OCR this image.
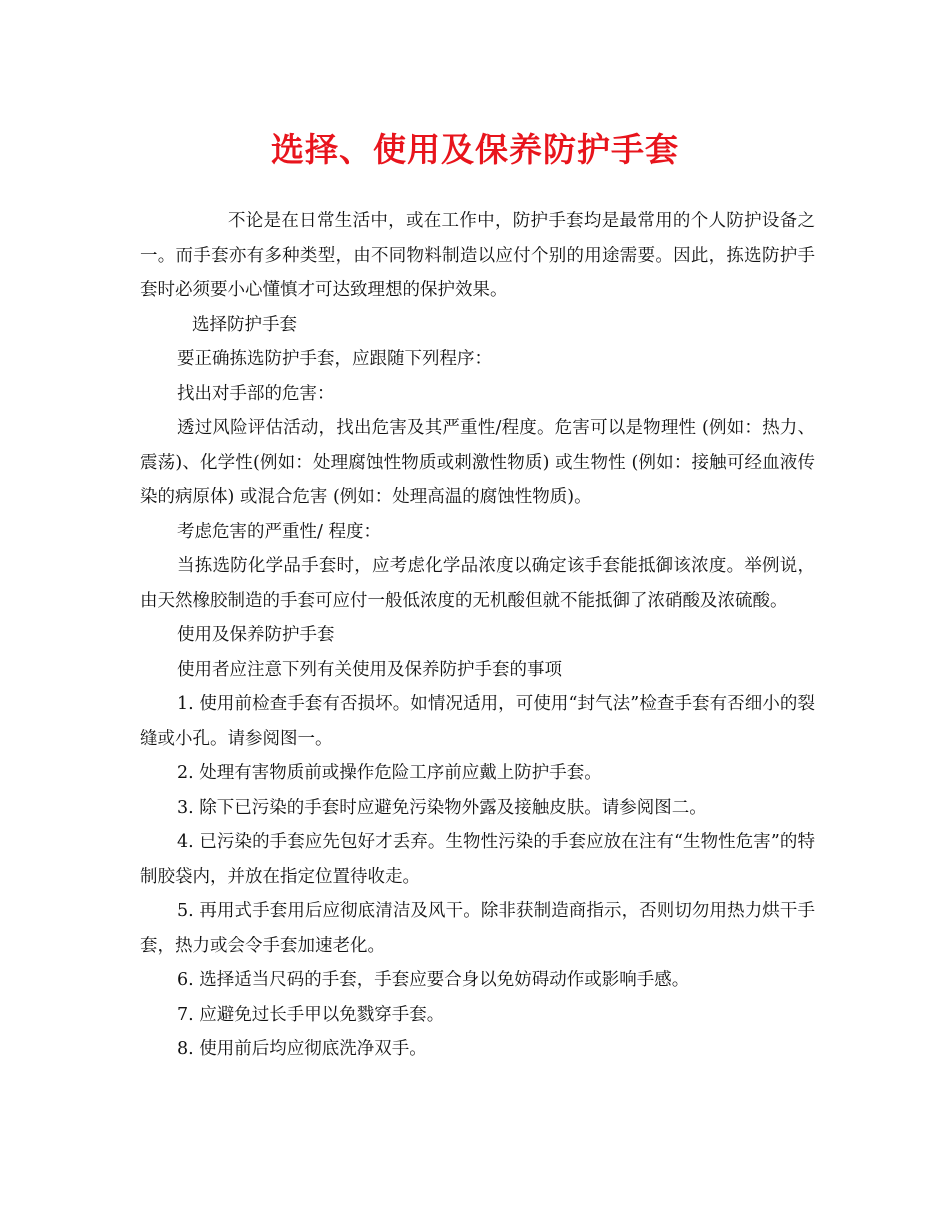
选择、使用及保养防护手套

不论是在日常生活中，或在工作中，防护手套均是最常用的个人防护设备之一。而手套亦有多种类型，由不同物料制造以应付个别的用途需要。因此，拣选防护手套时必须要小心懂慎才可达致理想的保护效果。

选择防护手套

要正确拣选防护手套，应跟随下列程序：

找出对手部的危害：

透过风险评估活动，找出危害及其严重性/程度。危害可以是物理性 (例如：热力、震荡)、化学性(例如：处理腐蚀性物质或刺激性物质) 或生物性 (例如：接触可经血液传染的病原体) 或混合危害 (例如：处理高温的腐蚀性物质)。

考虑危害的严重性/ 程度：

当拣选防化学品手套时，应考虑化学品浓度以确定该手套能抵御该浓度。举例说，由天然橡胶制造的手套可应付一般低浓度的无机酸但就不能抵御了浓硝酸及浓硫酸。

使用及保养防护手套

使用者应注意下列有关使用及保养防护手套的事项

1. 使用前检查手套有否损坏。如情况适用，可使用“封气法”检查手套有否细小的裂缝或小孔。请参阅图一。

2. 处理有害物质前或操作危险工序前应戴上防护手套。

3. 除下已污染的手套时应避免污染物外露及接触皮肤。请参阅图二。

4. 已污染的手套应先包好才丢弃。生物性污染的手套应放在注有“生物性危害”的特制胶袋内，并放在指定位置待收走。

5. 再用式手套用后应彻底清洁及风干。除非获制造商指示，否则切勿用热力烘干手套，热力或会令手套加速老化。

6. 选择适当尺码的手套，手套应要合身以免妨碍动作或影响手感。

7. 应避免过长手甲以免戮穿手套。

8. 使用前后均应彻底洗净双手。
